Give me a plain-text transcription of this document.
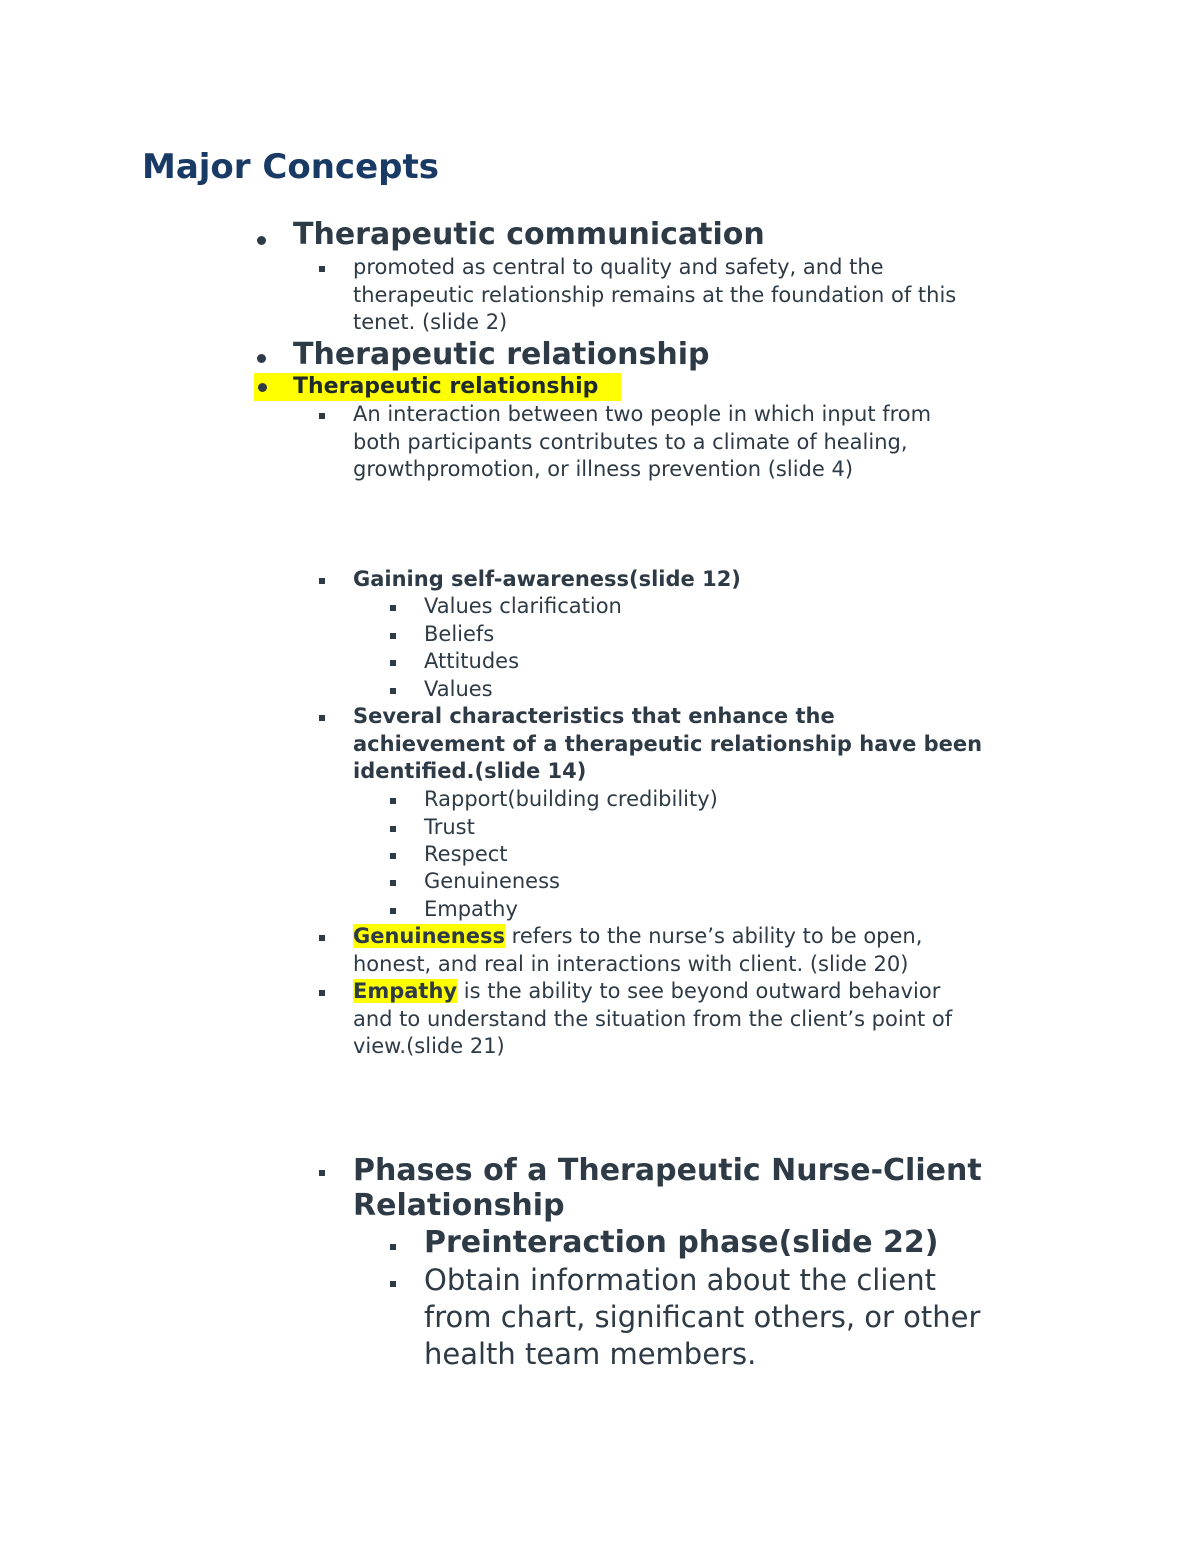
Major Concepts
Therapeutic communication
promoted as central to quality and safety, and the
therapeutic relationship remains at the foundation of this
tenet. (slide 2)
Therapeutic relationship
Therapeutic relationship
An interaction between two people in which input from
both participants contributes to a climate of healing,
growthpromotion, or illness prevention (slide 4)
Gaining self-awareness(slide 12)
Values clarification
Beliefs
Attitudes
Values
Several characteristics that enhance the
achievement of a therapeutic relationship have been
identified.(slide 14)
Rapport(building credibility)
Trust
Respect
Genuineness
Empathy
Genuineness refers to the nurse’s ability to be open,
honest, and real in interactions with client. (slide 20)
Empathy is the ability to see beyond outward behavior
and to understand the situation from the client’s point of
view.(slide 21)
Phases of a Therapeutic Nurse-Client
Relationship
Preinteraction phase(slide 22)
Obtain information about the client
from chart, significant others, or other
health team members.
